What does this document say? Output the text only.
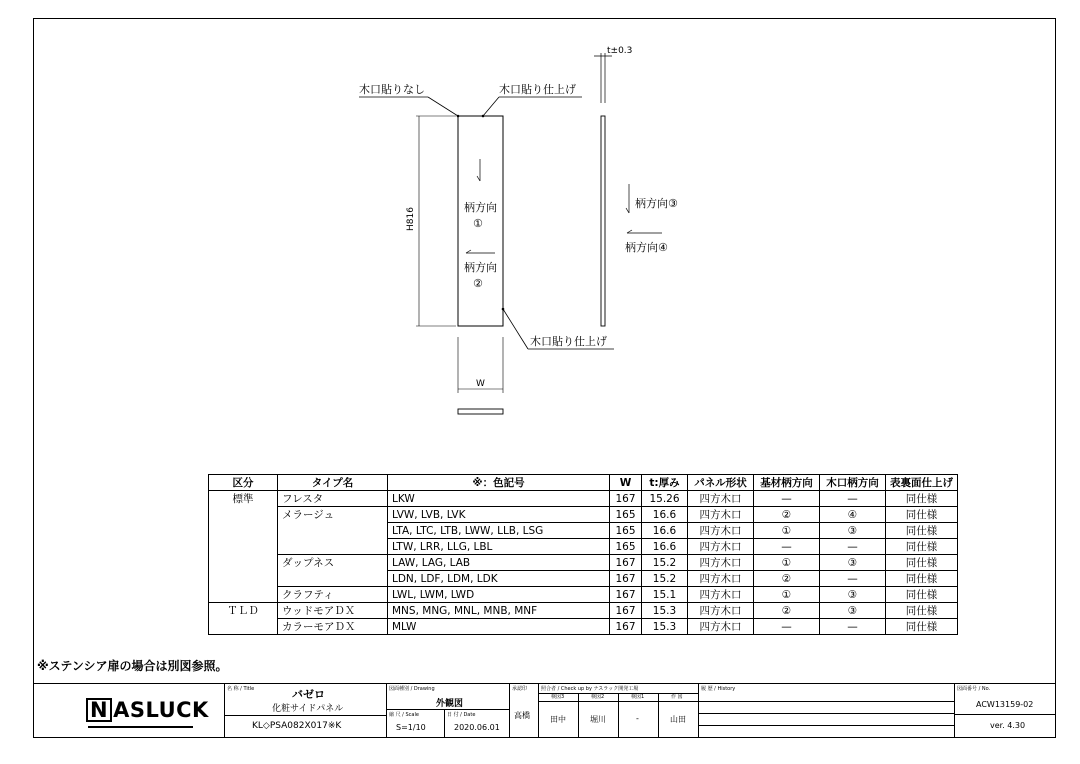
t±0.3
木口貼りなし	木口貼り仕上げ
H816	柄方向
①
柄方向
②
木口貼り仕上げ
W
柄方向③
柄方向④
区分	タイプ名	※：色記号	W	t:厚み	パネル形状	基材柄方向	木口柄方向	表裏面仕上げ
標準	フレスタ	LKW	167	15.26	四方木口	—	—	同仕様
	メラージュ	LVW, LVB, LVK	165	16.6	四方木口	②	④	同仕様
		LTA, LTC, LTB, LWW, LLB, LSG	165	16.6	四方木口	①	③	同仕様
		LTW, LRR, LLG, LBL	165	16.6	四方木口	—	—	同仕様
	ダップネス	LAW, LAG, LAB	167	15.2	四方木口	①	③	同仕様
		LDN, LDF, LDM, LDK	167	15.2	四方木口	②	—	同仕様
	クラフティ	LWL, LWM, LWD	167	15.1	四方木口	①	③	同仕様
ＴＬＤ	ウッドモアＤＸ	MNS, MNG, MNL, MNB, MNF	167	15.3	四方木口	②	③	同仕様
	カラーモアＤＸ	MLW	167	15.3	四方木口	—	—	同仕様
※ステンシア扉の場合は別図参照。
N ASLUCK
名 称 / Title	バゼロ
化粧サイドパネル
KL◇PSA082X017※K
図面種別 / Drawing
外観図
縮 尺 / Scale
S=1/10
日 付 / Date
2020.06.01
承認印
高橋
照合者 / Check up by ナスラック開発工場
検図3	検図2	検図1	作 図
田中	堀川	-	山田
履 歴 / History	図面番号 / No.
ACW13159-02
ver. 4.30
